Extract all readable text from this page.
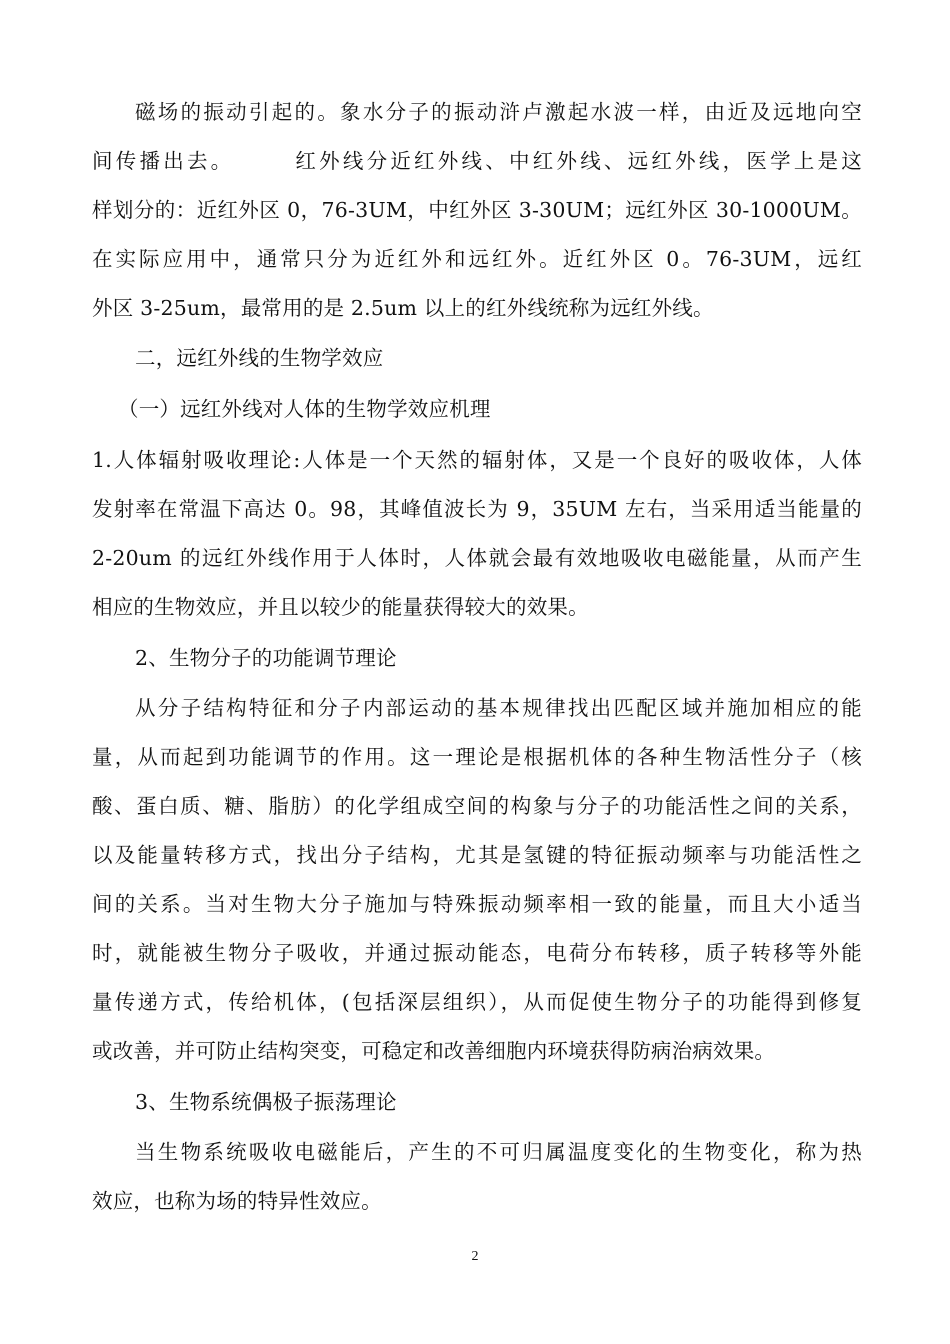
磁场的振动引起的。象水分子的振动浒卢激起水波一样，由近及远地向空
间传播出去。　　　红外线分近红外线、中红外线、远红外线，医学上是这
样划分的：近红外区 0，76-3UM，中红外区 3-30UM；远红外区 30-1000UM。
在实际应用中，通常只分为近红外和远红外。近红外区 0。76-3UM，远红
外区 3-25um，最常用的是 2.5um 以上的红外线统称为远红外线。
二，远红外线的生物学效应
（一）远红外线对人体的生物学效应机理
1.人体辐射吸收理论:人体是一个天然的辐射体，又是一个良好的吸收体，人体
发射率在常温下高达 0。98，其峰值波长为 9，35UM 左右，当采用适当能量的
2-20um 的远红外线作用于人体时，人体就会最有效地吸收电磁能量，从而产生
相应的生物效应，并且以较少的能量获得较大的效果。
2、生物分子的功能调节理论
从分子结构特征和分子内部运动的基本规律找出匹配区域并施加相应的能
量，从而起到功能调节的作用。这一理论是根据机体的各种生物活性分子（核
酸、蛋白质、糖、脂肪）的化学组成空间的构象与分子的功能活性之间的关系，
以及能量转移方式，找出分子结构，尤其是氢键的特征振动频率与功能活性之
间的关系。当对生物大分子施加与特殊振动频率相一致的能量，而且大小适当
时，就能被生物分子吸收，并通过振动能态，电荷分布转移，质子转移等外能
量传递方式，传给机体，(包括深层组织），从而促使生物分子的功能得到修复
或改善，并可防止结构突变，可稳定和改善细胞内环境获得防病治病效果。
3、生物系统偶极子振荡理论
当生物系统吸收电磁能后，产生的不可归属温度变化的生物变化，称为热
效应，也称为场的特异性效应。
2
